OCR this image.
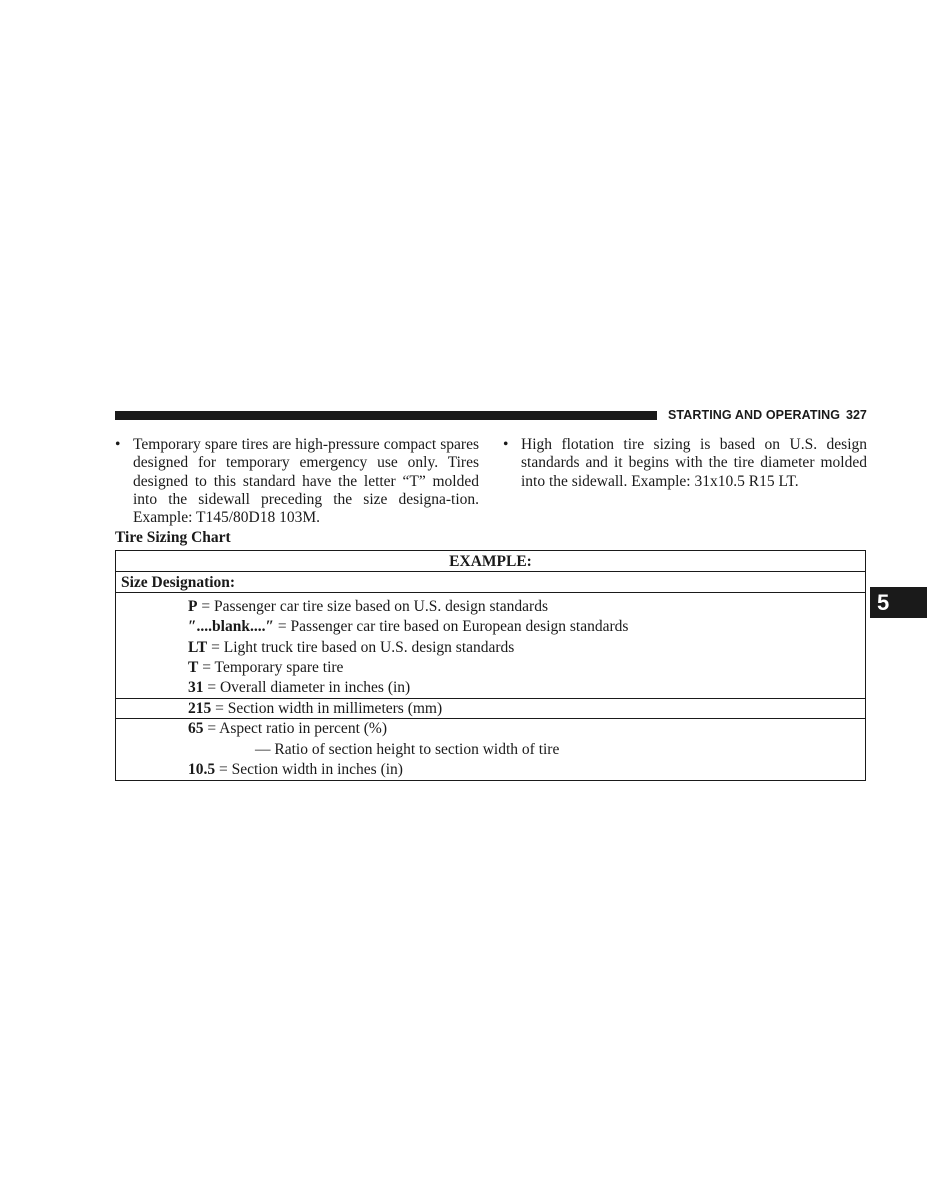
STARTING AND OPERATING 327
• Temporary spare tires are high-pressure compact spares designed for temporary emergency use only. Tires designed to this standard have the letter “T” molded into the sidewall preceding the size designa-tion. Example: T145/80D18 103M.
• High flotation tire sizing is based on U.S. design standards and it begins with the tire diameter molded into the sidewall. Example: 31x10.5 R15 LT.
Tire Sizing Chart
EXAMPLE:
Size Designation:
P = Passenger car tire size based on U.S. design standards
″....blank....″ = Passenger car tire based on European design standards
LT = Light truck tire based on U.S. design standards
T = Temporary spare tire
31 = Overall diameter in inches (in)
215 = Section width in millimeters (mm)
65 = Aspect ratio in percent (%)
— Ratio of section height to section width of tire
10.5 = Section width in inches (in)
5
